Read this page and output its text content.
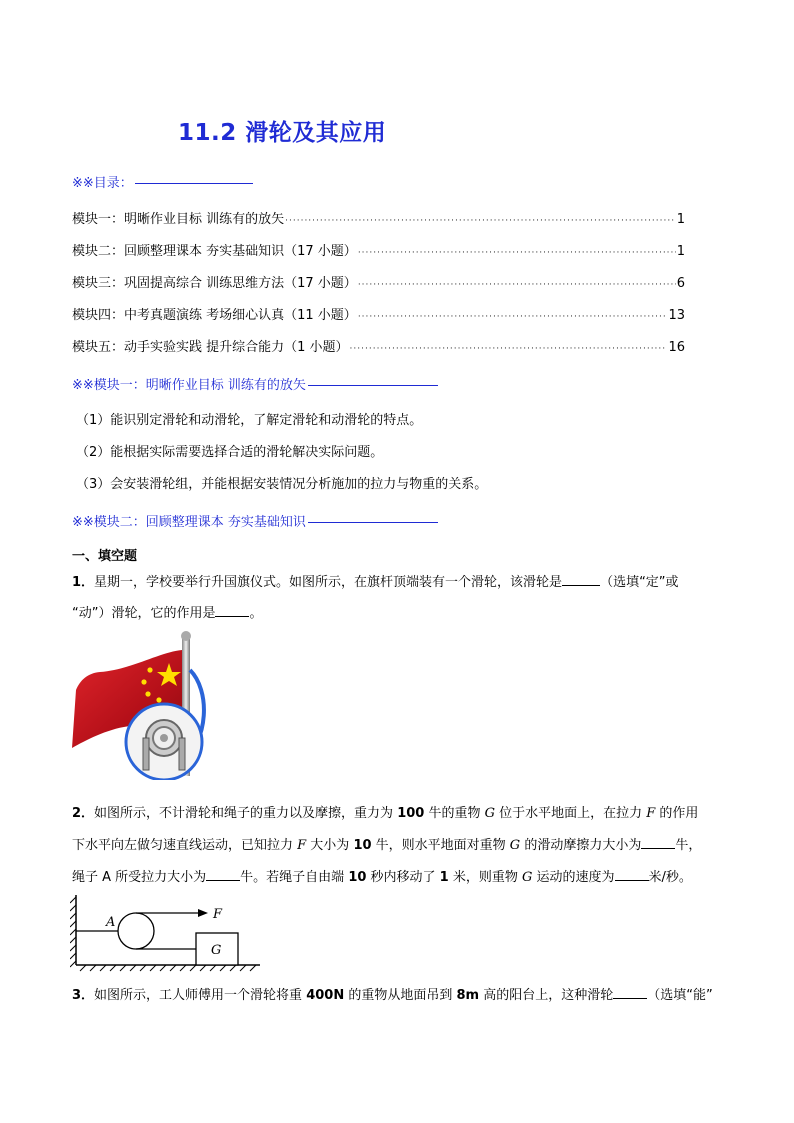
11.2 滑轮及其应用
※※目录：
模块一：明晰作业目标 训练有的放矢 ·····	1
模块二：回顾整理课本 夯实基础知识（17 小题） ·····	1
模块三：巩固提高综合 训练思维方法（17 小题） ·····	6
模块四：中考真题演练 考场细心认真（11 小题） ·····	13
模块五：动手实验实践 提升综合能力（1 小题） ·····	16
※※模块一：明晰作业目标 训练有的放矢
（1）能识别定滑轮和动滑轮，了解定滑轮和动滑轮的特点。
（2）能根据实际需要选择合适的滑轮解决实际问题。
（3）会安装滑轮组，并能根据安装情况分析施加的拉力与物重的关系。
※※模块二：回顾整理课本 夯实基础知识
一、填空题
1．星期一，学校要举行升国旗仪式。如图所示，在旗杆顶端装有一个滑轮，该滑轮是	（选填“定”或
“动”）滑轮，它的作用是	。
2．如图所示，不计滑轮和绳子的重力以及摩擦，重力为 100 牛的重物 G 位于水平地面上，在拉力 F 的作用
下水平向左做匀速直线运动，已知拉力 F 大小为 10 牛，则水平地面对重物 G 的滑动摩擦力大小为	牛，
绳子 A 所受拉力大小为	牛。若绳子自由端 10 秒内移动了 1 米，则重物 G 运动的速度为	米/秒。
A
F
G
3．如图所示，工人师傅用一个滑轮将重 400N 的重物从地面吊到 8m 高的阳台上，这种滑轮	（选填“能”
